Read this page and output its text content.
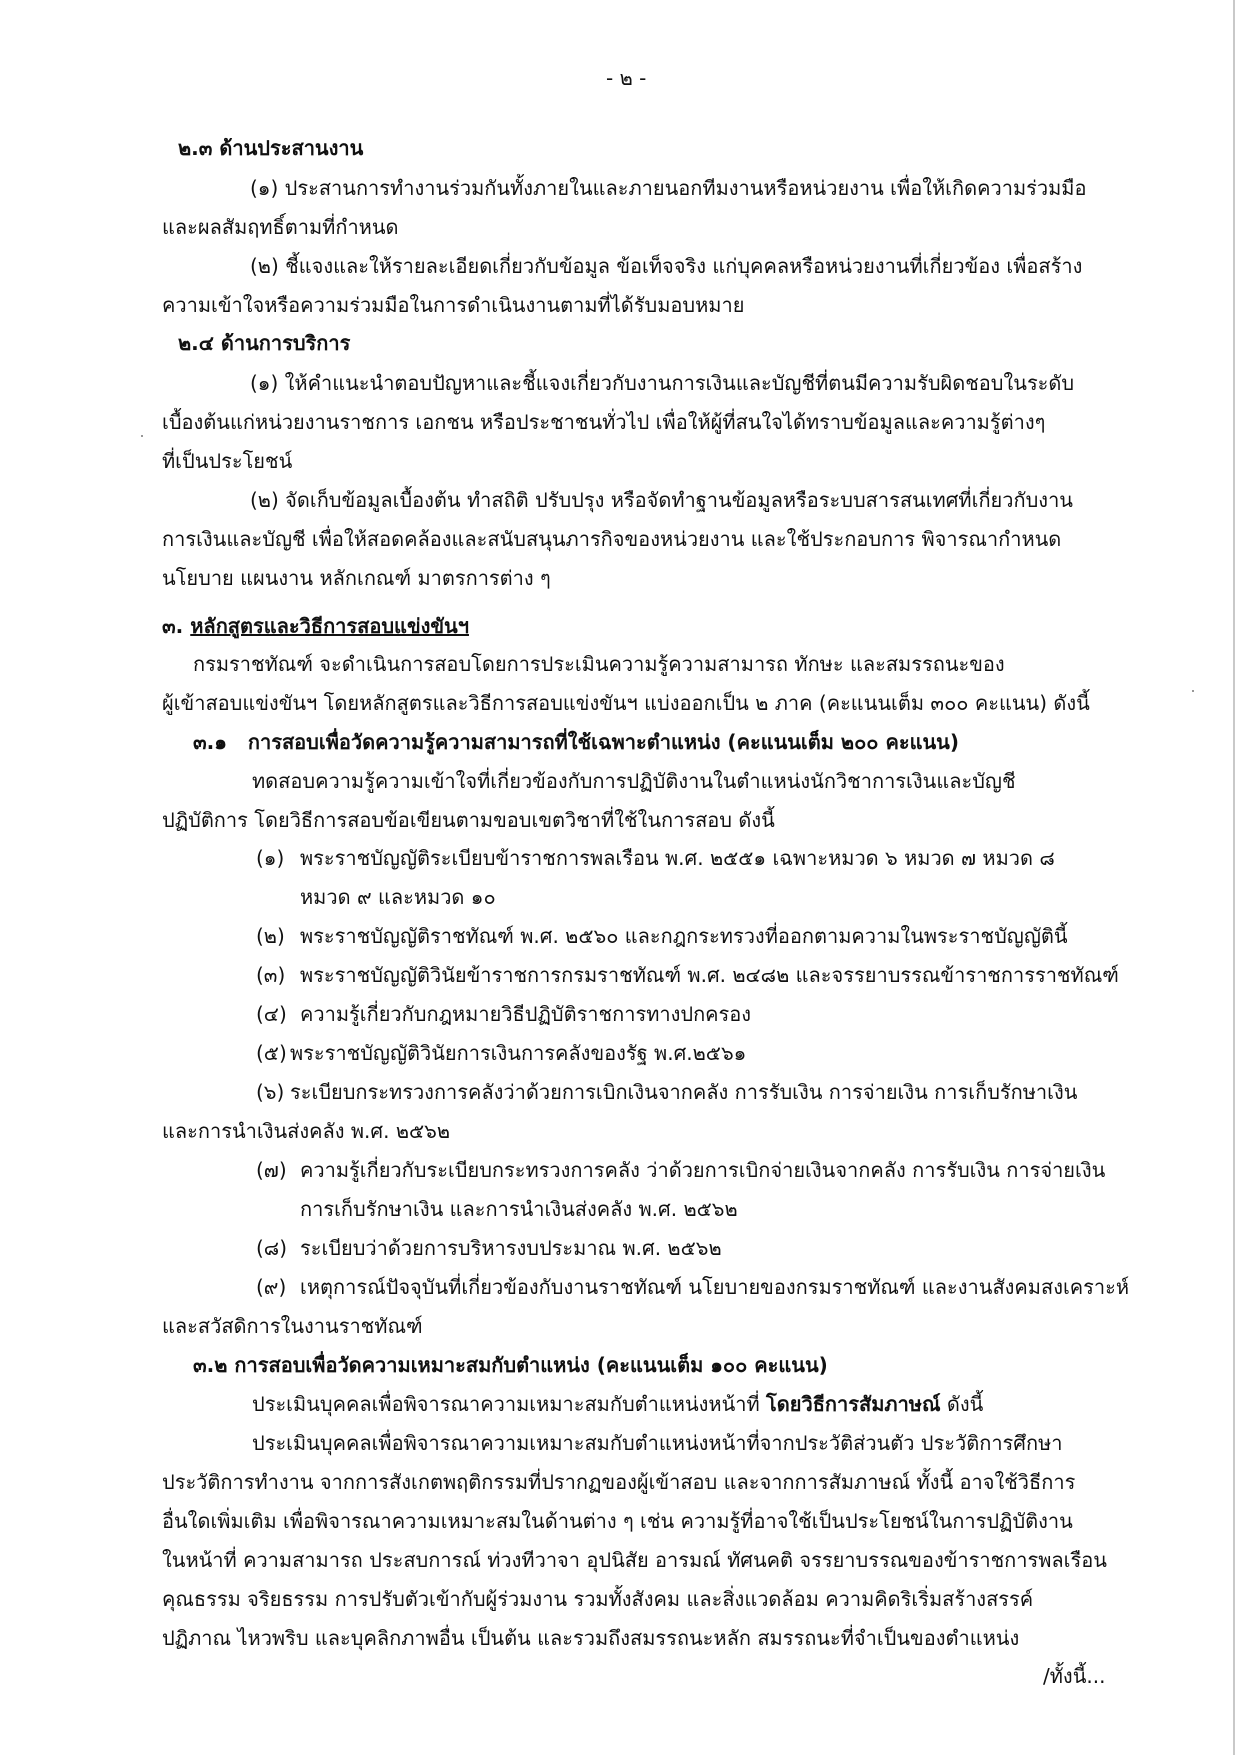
- ๒ -
๒.๓ ด้านประสานงาน
(๑) ประสานการทำงานร่วมกันทั้งภายในและภายนอกทีมงานหรือหน่วยงาน เพื่อให้เกิดความร่วมมือ
และผลสัมฤทธิ์ตามที่กำหนด
(๒) ชี้แจงและให้รายละเอียดเกี่ยวกับข้อมูล ข้อเท็จจริง แก่บุคคลหรือหน่วยงานที่เกี่ยวข้อง เพื่อสร้าง
ความเข้าใจหรือความร่วมมือในการดำเนินงานตามที่ได้รับมอบหมาย
๒.๔ ด้านการบริการ
(๑) ให้คำแนะนำตอบปัญหาและชี้แจงเกี่ยวกับงานการเงินและบัญชีที่ตนมีความรับผิดชอบในระดับ
เบื้องต้นแก่หน่วยงานราชการ เอกชน หรือประชาชนทั่วไป เพื่อให้ผู้ที่สนใจได้ทราบข้อมูลและความรู้ต่างๆ
ที่เป็นประโยชน์
(๒) จัดเก็บข้อมูลเบื้องต้น ทำสถิติ ปรับปรุง หรือจัดทำฐานข้อมูลหรือระบบสารสนเทศที่เกี่ยวกับงาน
การเงินและบัญชี เพื่อให้สอดคล้องและสนับสนุนภารกิจของหน่วยงาน และใช้ประกอบการ พิจารณากำหนด
นโยบาย แผนงาน หลักเกณฑ์ มาตรการต่าง ๆ
๓. หลักสูตรและวิธีการสอบแข่งขันฯ
กรมราชทัณฑ์ จะดำเนินการสอบโดยการประเมินความรู้ความสามารถ ทักษะ และสมรรถนะของ
ผู้เข้าสอบแข่งขันฯ โดยหลักสูตรและวิธีการสอบแข่งขันฯ แบ่งออกเป็น ๒ ภาค (คะแนนเต็ม ๓๐๐ คะแนน) ดังนี้
๓.๑ การสอบเพื่อวัดความรู้ความสามารถที่ใช้เฉพาะตำแหน่ง (คะแนนเต็ม ๒๐๐ คะแนน)
ทดสอบความรู้ความเข้าใจที่เกี่ยวข้องกับการปฏิบัติงานในตำแหน่งนักวิชาการเงินและบัญชี
ปฏิบัติการ โดยวิธีการสอบข้อเขียนตามขอบเขตวิชาที่ใช้ในการสอบ ดังนี้
(๑) พระราชบัญญัติระเบียบข้าราชการพลเรือน พ.ศ. ๒๕๕๑ เฉพาะหมวด ๖ หมวด ๗ หมวด ๘
หมวด ๙ และหมวด ๑๐
(๒) พระราชบัญญัติราชทัณฑ์ พ.ศ. ๒๕๖๐ และกฎกระทรวงที่ออกตามความในพระราชบัญญัตินี้
(๓) พระราชบัญญัติวินัยข้าราชการกรมราชทัณฑ์ พ.ศ. ๒๔๘๒ และจรรยาบรรณข้าราชการราชทัณฑ์
(๔) ความรู้เกี่ยวกับกฎหมายวิธีปฏิบัติราชการทางปกครอง
(๕) พระราชบัญญัติวินัยการเงินการคลังของรัฐ พ.ศ.๒๕๖๑
(๖) ระเบียบกระทรวงการคลังว่าด้วยการเบิกเงินจากคลัง การรับเงิน การจ่ายเงิน การเก็บรักษาเงิน
และการนำเงินส่งคลัง พ.ศ. ๒๕๖๒
(๗) ความรู้เกี่ยวกับระเบียบกระทรวงการคลัง ว่าด้วยการเบิกจ่ายเงินจากคลัง การรับเงิน การจ่ายเงิน
การเก็บรักษาเงิน และการนำเงินส่งคลัง พ.ศ. ๒๕๖๒
(๘) ระเบียบว่าด้วยการบริหารงบประมาณ พ.ศ. ๒๕๖๒
(๙) เหตุการณ์ปัจจุบันที่เกี่ยวข้องกับงานราชทัณฑ์ นโยบายของกรมราชทัณฑ์ และงานสังคมสงเคราะห์
และสวัสดิการในงานราชทัณฑ์
๓.๒ การสอบเพื่อวัดความเหมาะสมกับตำแหน่ง (คะแนนเต็ม ๑๐๐ คะแนน)
ประเมินบุคคลเพื่อพิจารณาความเหมาะสมกับตำแหน่งหน้าที่ โดยวิธีการสัมภาษณ์ ดังนี้
ประเมินบุคคลเพื่อพิจารณาความเหมาะสมกับตำแหน่งหน้าที่จากประวัติส่วนตัว ประวัติการศึกษา
ประวัติการทำงาน จากการสังเกตพฤติกรรมที่ปรากฏของผู้เข้าสอบ และจากการสัมภาษณ์ ทั้งนี้ อาจใช้วิธีการ
อื่นใดเพิ่มเติม เพื่อพิจารณาความเหมาะสมในด้านต่าง ๆ เช่น ความรู้ที่อาจใช้เป็นประโยชน์ในการปฏิบัติงาน
ในหน้าที่ ความสามารถ ประสบการณ์ ท่วงทีวาจา อุปนิสัย อารมณ์ ทัศนคติ จรรยาบรรณของข้าราชการพลเรือน
คุณธรรม จริยธรรม การปรับตัวเข้ากับผู้ร่วมงาน รวมทั้งสังคม และสิ่งแวดล้อม ความคิดริเริ่มสร้างสรรค์
ปฏิภาณ ไหวพริบ และบุคลิกภาพอื่น เป็นต้น และรวมถึงสมรรถนะหลัก สมรรถนะที่จำเป็นของตำแหน่ง
/ทั้งนี้...
